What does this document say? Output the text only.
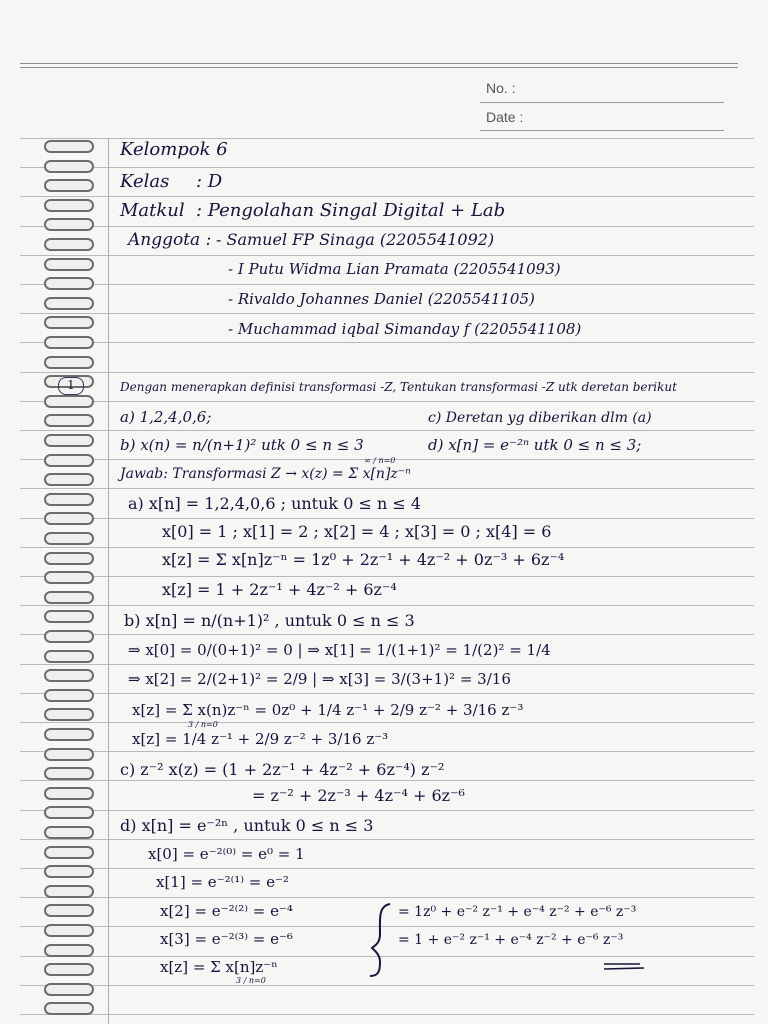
No. :
Date :
Kelompok 6
Kelas : D
Matkul : Pengolahan Singal Digital + Lab
Anggota : - Samuel FP Sinaga (2205541092)
- I Putu Widma Lian Pramata (2205541093)
- Rivaldo Johannes Daniel (2205541105)
- Muchammad iqbal Simanday f (2205541108)
1	Dengan menerapkan definisi transformasi -Z, Tentukan transformasi -Z utk deretan berikut
a) 1,2,4,0,6;	c) Deretan yg diberikan dlm (a)
b) x(n) = n/(n+1)² utk 0 ≤ n ≤ 3	d) x[n] = e⁻²ⁿ utk 0 ≤ n ≤ 3;
Jawab: Transformasi Z → x(z) = Σ x[n]z⁻ⁿ
∞ / n=0
a) x[n] = 1,2,4,0,6 ; untuk 0 ≤ n ≤ 4
x[0] = 1 ; x[1] = 2 ; x[2] = 4 ; x[3] = 0 ; x[4] = 6
x[z] = Σ x[n]z⁻ⁿ = 1z⁰ + 2z⁻¹ + 4z⁻² + 0z⁻³ + 6z⁻⁴
x[z] = 1 + 2z⁻¹ + 4z⁻² + 6z⁻⁴
b) x[n] = n/(n+1)² , untuk 0 ≤ n ≤ 3
⇒ x[0] = 0/(0+1)² = 0 | ⇒ x[1] = 1/(1+1)² = 1/(2)² = 1/4
⇒ x[2] = 2/(2+1)² = 2/9 | ⇒ x[3] = 3/(3+1)² = 3/16
x[z] = Σ x(n)z⁻ⁿ = 0z⁰ + 1/4 z⁻¹ + 2/9 z⁻² + 3/16 z⁻³
3 / n=0
x[z] = 1/4 z⁻¹ + 2/9 z⁻² + 3/16 z⁻³
c) z⁻² x(z) = (1 + 2z⁻¹ + 4z⁻² + 6z⁻⁴) z⁻²
= z⁻² + 2z⁻³ + 4z⁻⁴ + 6z⁻⁶
d) x[n] = e⁻²ⁿ , untuk 0 ≤ n ≤ 3
x[0] = e⁻²⁽⁰⁾ = e⁰ = 1
x[1] = e⁻²⁽¹⁾ = e⁻²
x[2] = e⁻²⁽²⁾ = e⁻⁴
x[3] = e⁻²⁽³⁾ = e⁻⁶
x[z] = Σ x[n]z⁻ⁿ
3 / n=0
= 1z⁰ + e⁻² z⁻¹ + e⁻⁴ z⁻² + e⁻⁶ z⁻³
= 1 + e⁻² z⁻¹ + e⁻⁴ z⁻² + e⁻⁶ z⁻³
